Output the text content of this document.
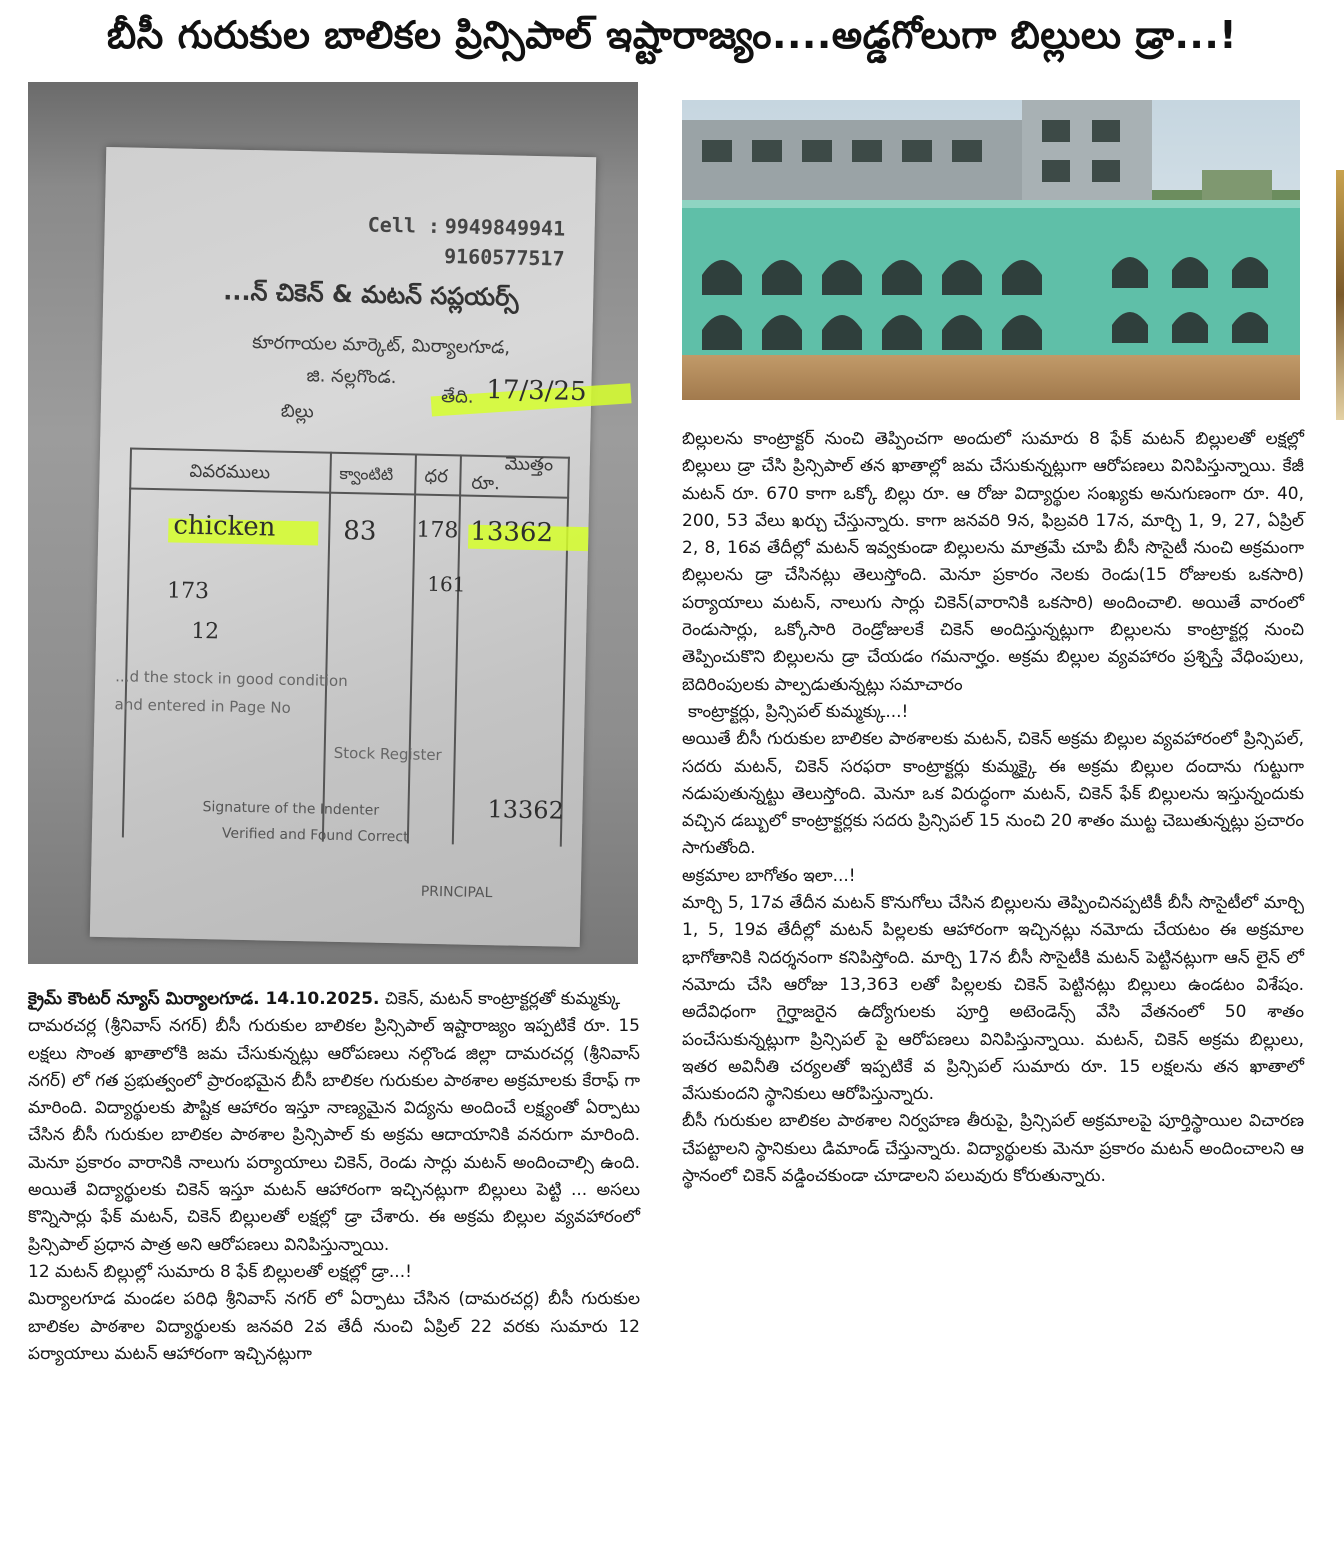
బీసీ గురుకుల బాలికల ప్రిన్సిపాల్ ఇష్టారాజ్యం....అడ్డగోలుగా బిల్లులు డ్రా...!
Cell : 9949849941
9160577517
...న్ చికెన్ & మటన్ సప్లయర్స్
కూరగాయల మార్కెట్, మిర్యాలగూడ,
జి. నల్లగొండ.
బిల్లు
తేది. 17/3/25
వివరములు	క్వాంటిటి ధర
మొత్తం
రూ.
chicken	83 178
161
13362
173
12
...d the stock in good condition
and entered in Page No
Stock Register
Signature of the Indenter
Verified and Found Correct
13362
PRINCIPAL

క్రైమ్ కౌంటర్ న్యూస్ మిర్యాలగూడ. 14.10.2025. చికెన్, మటన్ కాంట్రాక్టర్లతో కుమ్మక్కు

దామరచర్ల (శ్రీనివాస్ నగర్) బీసీ గురుకుల బాలికల ప్రిన్సిపాల్ ఇష్టారాజ్యం ఇప్పటికే రూ. 15 లక్షలు సొంత ఖాతాలోకి జమ చేసుకున్నట్లు ఆరోపణలు నల్గొండ జిల్లా దామరచర్ల (శ్రీనివాస్ నగర్) లో గత ప్రభుత్వంలో ప్రారంభమైన బీసీ బాలికల గురుకుల పాఠశాల అక్రమాలకు కేరాఫ్ గా మారింది. విద్యార్థులకు పౌష్టిక ఆహారం ఇస్తూ నాణ్యమైన విద్యను అందించే లక్ష్యంతో ఏర్పాటు చేసిన బీసీ గురుకుల బాలికల పాఠశాల ప్రిన్సిపాల్ కు అక్రమ ఆదాయానికి వనరుగా మారింది. మెనూ ప్రకారం వారానికి నాలుగు పర్యాయాలు చికెన్, రెండు సార్లు మటన్ అందించాల్సి ఉంది. అయితే విద్యార్థులకు చికెన్ ఇస్తూ మటన్ ఆహారంగా ఇచ్చినట్లుగా బిల్లులు పెట్టి ... అసలు కొన్నిసార్లు ఫేక్ మటన్, చికెన్ బిల్లులతో లక్షల్లో డ్రా చేశారు. ఈ అక్రమ బిల్లుల వ్యవహారంలో ప్రిన్సిపాల్ ప్రధాన పాత్ర అని ఆరోపణలు వినిపిస్తున్నాయి.

12 మటన్ బిల్లుల్లో సుమారు 8 ఫేక్ బిల్లులతో లక్షల్లో డ్రా...!

మిర్యాలగూడ మండల పరిధి శ్రీనివాస్ నగర్ లో ఏర్పాటు చేసిన (దామరచర్ల) బీసీ గురుకుల బాలికల పాఠశాల విద్యార్థులకు జనవరి 2వ తేదీ నుంచి ఏప్రిల్ 22 వరకు సుమారు 12 పర్యాయాలు మటన్ ఆహారంగా ఇచ్చినట్లుగా

బిల్లులను కాంట్రాక్టర్ నుంచి తెప్పించగా అందులో సుమారు 8 ఫేక్ మటన్ బిల్లులతో లక్షల్లో బిల్లులు డ్రా చేసి ప్రిన్సిపాల్ తన ఖాతాల్లో జమ చేసుకున్నట్లుగా ఆరోపణలు వినిపిస్తున్నాయి. కేజీ మటన్ రూ. 670 కాగా ఒక్కో బిల్లు రూ. ఆ రోజు విద్యార్థుల సంఖ్యకు అనుగుణంగా రూ. 40, 200, 53 వేలు ఖర్చు చేస్తున్నారు. కాగా జనవరి 9న, ఫిబ్రవరి 17న, మార్చి 1, 9, 27, ఏప్రిల్ 2, 8, 16వ తేదీల్లో మటన్ ఇవ్వకుండా బిల్లులను మాత్రమే చూపి బీసీ సొసైటీ నుంచి అక్రమంగా బిల్లులను డ్రా చేసినట్లు తెలుస్తోంది. మెనూ ప్రకారం నెలకు రెండు(15 రోజులకు ఒకసారి) పర్యాయాలు మటన్, నాలుగు సార్లు చికెన్(వారానికి ఒకసారి) అందించాలి. అయితే వారంలో రెండుసార్లు, ఒక్కోసారి రెండ్రోజులకే చికెన్ అందిస్తున్నట్లుగా బిల్లులను కాంట్రాక్టర్ల నుంచి తెప్పించుకొని బిల్లులను డ్రా చేయడం గమనార్హం. అక్రమ బిల్లుల వ్యవహారం ప్రశ్నిస్తే వేధింపులు, బెదిరింపులకు పాల్పడుతున్నట్లు సమాచారం

కాంట్రాక్టర్లు, ప్రిన్సిపల్ కుమ్మక్కు...!

అయితే బీసీ గురుకుల బాలికల పాఠశాలకు మటన్, చికెన్ అక్రమ బిల్లుల వ్యవహారంలో ప్రిన్సిపల్, సదరు మటన్, చికెన్ సరఫరా కాంట్రాక్టర్లు కుమ్మక్కై ఈ అక్రమ బిల్లుల దందాను గుట్టుగా నడుపుతున్నట్టు తెలుస్తోంది. మెనూ ఒక విరుద్ధంగా మటన్, చికెన్ ఫేక్ బిల్లులను ఇస్తున్నందుకు వచ్చిన డబ్బులో కాంట్రాక్టర్లకు సదరు ప్రిన్సిపల్ 15 నుంచి 20 శాతం ముట్ట చెబుతున్నట్లు ప్రచారం సాగుతోంది.

అక్రమాల బాగోతం ఇలా...!

మార్చి 5, 17వ తేదీన మటన్ కొనుగోలు చేసిన బిల్లులను తెప్పించినప్పటికీ బీసీ సొసైటీలో మార్చి 1, 5, 19వ తేదీల్లో మటన్ పిల్లలకు ఆహారంగా ఇచ్చినట్లు నమోదు చేయటం ఈ అక్రమాల భాగోతానికి నిదర్శనంగా కనిపిస్తోంది. మార్చి 17న బీసీ సొసైటీకి మటన్ పెట్టినట్లుగా ఆన్ లైన్ లో నమోదు చేసి ఆరోజు 13,363 లతో పిల్లలకు చికెన్ పెట్టినట్లు బిల్లులు ఉండటం విశేషం. అదేవిధంగా గైర్హాజరైన ఉద్యోగులకు పూర్తి అటెండెన్స్ వేసి వేతనంలో 50 శాతం పంచేసుకున్నట్లుగా ప్రిన్సిపల్ పై ఆరోపణలు వినిపిస్తున్నాయి. మటన్, చికెన్ అక్రమ బిల్లులు, ఇతర అవినీతి చర్యలతో ఇప్పటికే వ ప్రిన్సిపల్ సుమారు రూ. 15 లక్షలను తన ఖాతాలో వేసుకుందని స్థానికులు ఆరోపిస్తున్నారు.

బీసీ గురుకుల బాలికల పాఠశాల నిర్వహణ తీరుపై, ప్రిన్సిపల్ అక్రమాలపై పూర్తిస్థాయిల విచారణ చేపట్టాలని స్థానికులు డిమాండ్ చేస్తున్నారు. విద్యార్థులకు మెనూ ప్రకారం మటన్ అందించాలని ఆ స్థానంలో చికెన్ వడ్డించకుండా చూడాలని పలువురు కోరుతున్నారు.
